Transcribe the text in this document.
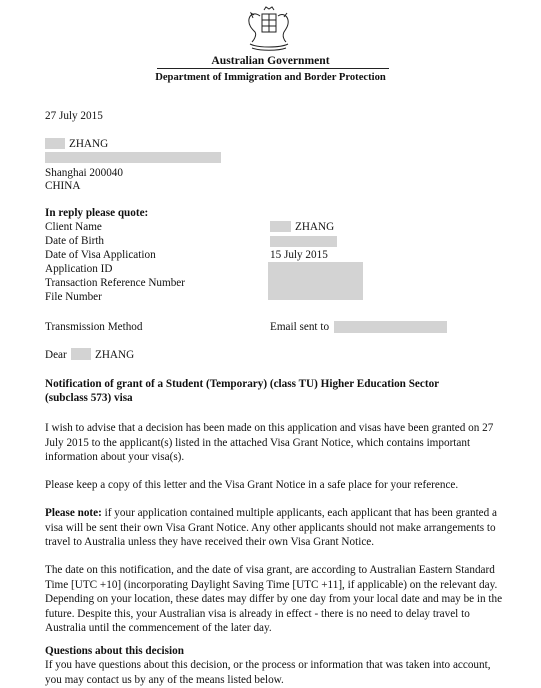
Australian Government
Department of Immigration and Border Protection
27 July 2015
ZHANG
Shanghai 200040
CHINA
In reply please quote:
Client Name	ZHANG
Date of Birth
Date of Visa Application	15 July 2015
Application ID
Transaction Reference Number
File Number
Transmission Method	Email sent to
Dear	ZHANG
Notification of grant of a Student (Temporary) (class TU) Higher Education Sector
(subclass 573) visa
I wish to advise that a decision has been made on this application and visas have been granted on 27 July 2015 to the applicant(s) listed in the attached Visa Grant Notice, which contains important information about your visa(s).
Please keep a copy of this letter and the Visa Grant Notice in a safe place for your reference.
Please note: if your application contained multiple applicants, each applicant that has been granted a visa will be sent their own Visa Grant Notice. Any other applicants should not make arrangements to travel to Australia unless they have received their own Visa Grant Notice.
The date on this notification, and the date of visa grant, are according to Australian Eastern Standard Time [UTC +10] (incorporating Daylight Saving Time [UTC +11], if applicable) on the relevant day. Depending on your location, these dates may differ by one day from your local date and may be in the future. Despite this, your Australian visa is already in effect - there is no need to delay travel to Australia until the commencement of the later day.
Questions about this decision
If you have questions about this decision, or the process or information that was taken into account, you may contact us by any of the means listed below.
